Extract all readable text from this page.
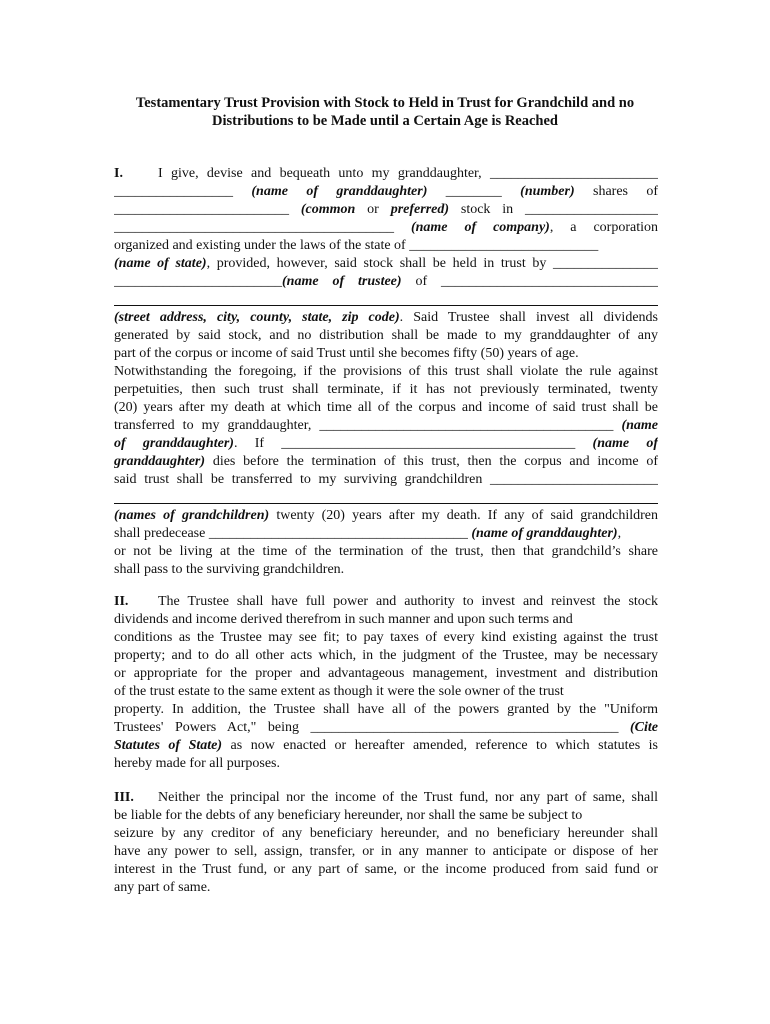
Testamentary Trust Provision with Stock to Held in Trust for Grandchild and no
Distributions to be Made until a Certain Age is Reached
I.	I give, devise and bequeath unto my granddaughter, ________________________
_________________ (name of granddaughter) ________ (number) shares of
_________________________ (common or preferred) stock in ___________________
________________________________________ (name of company), a corporation
organized and existing under the laws of the state of ___________________________
(name of state), provided, however, said stock shall be held in trust by _______________
________________________(name of trustee) of _______________________________
(street address, city, county, state, zip code). Said Trustee shall invest all dividends
generated by said stock, and no distribution shall be made to my granddaughter of any
part of the corpus or income of said Trust until she becomes fifty (50) years of age.
Notwithstanding the foregoing, if the provisions of this trust shall violate the rule against
perpetuities, then such trust shall terminate, if it has not previously terminated, twenty
(20) years after my death at which time all of the corpus and income of said trust shall be
transferred to my granddaughter, __________________________________________ (name
of granddaughter). If __________________________________________ (name of
granddaughter) dies before the termination of this trust, then the corpus and income of
said trust shall be transferred to my surviving grandchildren ________________________
(names of grandchildren) twenty (20) years after my death. If any of said grandchildren
shall predecease _____________________________________ (name of granddaughter),
or not be living at the time of the termination of the trust, then that grandchild’s share
shall pass to the surviving grandchildren.
II. The Trustee shall have full power and authority to invest and reinvest the stock
dividends and income derived therefrom in such manner and upon such terms and
conditions as the Trustee may see fit; to pay taxes of every kind existing against the trust
property; and to do all other acts which, in the judgment of the Trustee, may be necessary
or appropriate for the proper and advantageous management, investment and distribution
of the trust estate to the same extent as though it were the sole owner of the trust
property. In addition, the Trustee shall have all of the powers granted by the "Uniform
Trustees' Powers Act," being ____________________________________________ (Cite
Statutes of State) as now enacted or hereafter amended, reference to which statutes is
hereby made for all purposes.
III. Neither the principal nor the income of the Trust fund, nor any part of same, shall
be liable for the debts of any beneficiary hereunder, nor shall the same be subject to
seizure by any creditor of any beneficiary hereunder, and no beneficiary hereunder shall
have any power to sell, assign, transfer, or in any manner to anticipate or dispose of her
interest in the Trust fund, or any part of same, or the income produced from said fund or
any part of same.
